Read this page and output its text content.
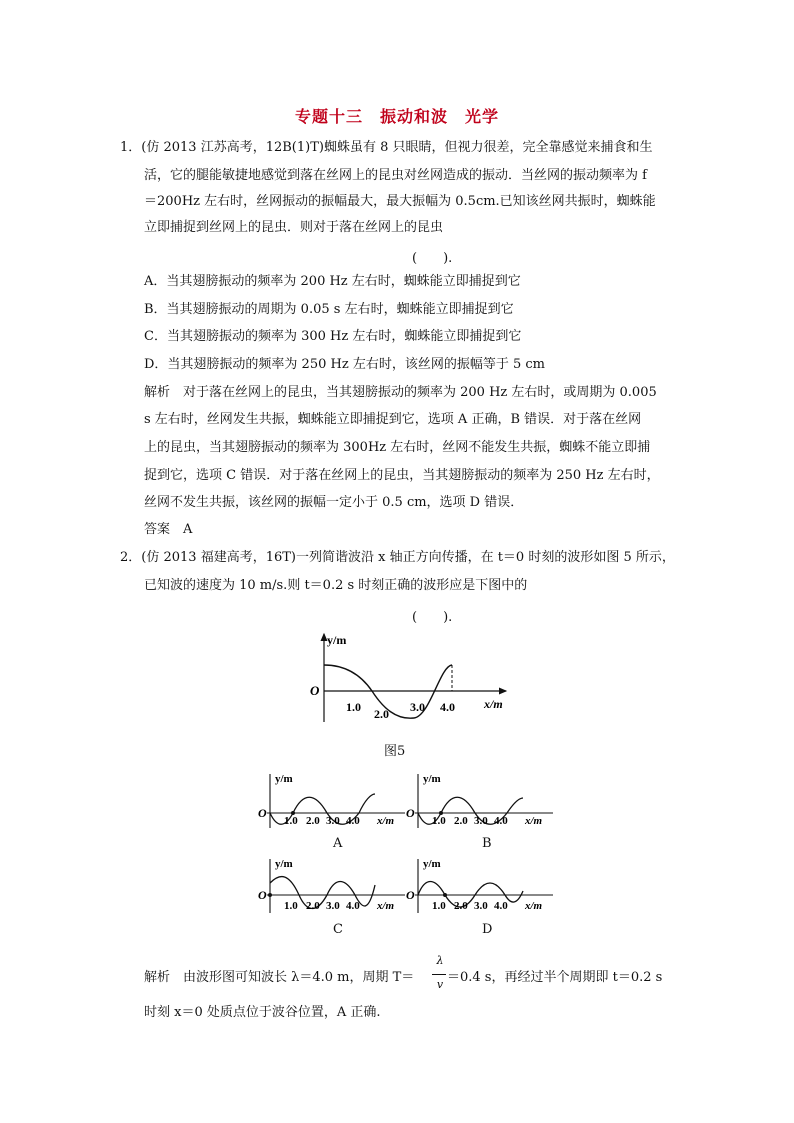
专题十三　振动和波　光学
1．(仿 2013 江苏高考，12B(1)T)蜘蛛虽有 8 只眼睛，但视力很差，完全靠感觉来捕食和生
活，它的腿能敏捷地感觉到落在丝网上的昆虫对丝网造成的振动．当丝网的振动频率为 f
＝200Hz 左右时，丝网振动的振幅最大，最大振幅为 0.5cm.已知该丝网共振时，蜘蛛能
立即捕捉到丝网上的昆虫．则对于落在丝网上的昆虫
(　　).
A．当其翅膀振动的频率为 200 Hz 左右时，蜘蛛能立即捕捉到它
B．当其翅膀振动的周期为 0.05 s 左右时，蜘蛛能立即捕捉到它
C．当其翅膀振动的频率为 300 Hz 左右时，蜘蛛能立即捕捉到它
D．当其翅膀振动的频率为 250 Hz 左右时，该丝网的振幅等于 5 cm
解析　对于落在丝网上的昆虫，当其翅膀振动的频率为 200 Hz 左右时，或周期为 0.005
s 左右时，丝网发生共振，蜘蛛能立即捕捉到它，选项 A 正确，B 错误．对于落在丝网
上的昆虫，当其翅膀振动的频率为 300Hz 左右时，丝网不能发生共振，蜘蛛不能立即捕
捉到它，选项 C 错误．对于落在丝网上的昆虫，当其翅膀振动的频率为 250 Hz 左右时，
丝网不发生共振，该丝网的振幅一定小于 0.5 cm，选项 D 错误．
答案　A
2．(仿 2013 福建高考，16T)一列简谐波沿 x 轴正方向传播，在 t＝0 时刻的波形如图 5 所示，
已知波的速度为 10 m/s.则 t＝0.2 s 时刻正确的波形应是下图中的
(　　).
y/m
O
1.0 2.0 3.0 4.0 x/m
图5
y/m
O
1.0 2.0 3.0 4.0 x/m
A
y/m
O
1.0 2.0 3.0 4.0 x/m
B
y/m
O
1.0 2.0 3.0 4.0 x/m
C
y/m
O
1.0 2.0 3.0 4.0 x/m
D
解析　由波形图可知波长 λ＝4.0 m，周期 T＝
λ
v ＝0.4 s，再经过半个周期即 t＝0.2 s
时刻 x＝0 处质点位于波谷位置，A 正确.
